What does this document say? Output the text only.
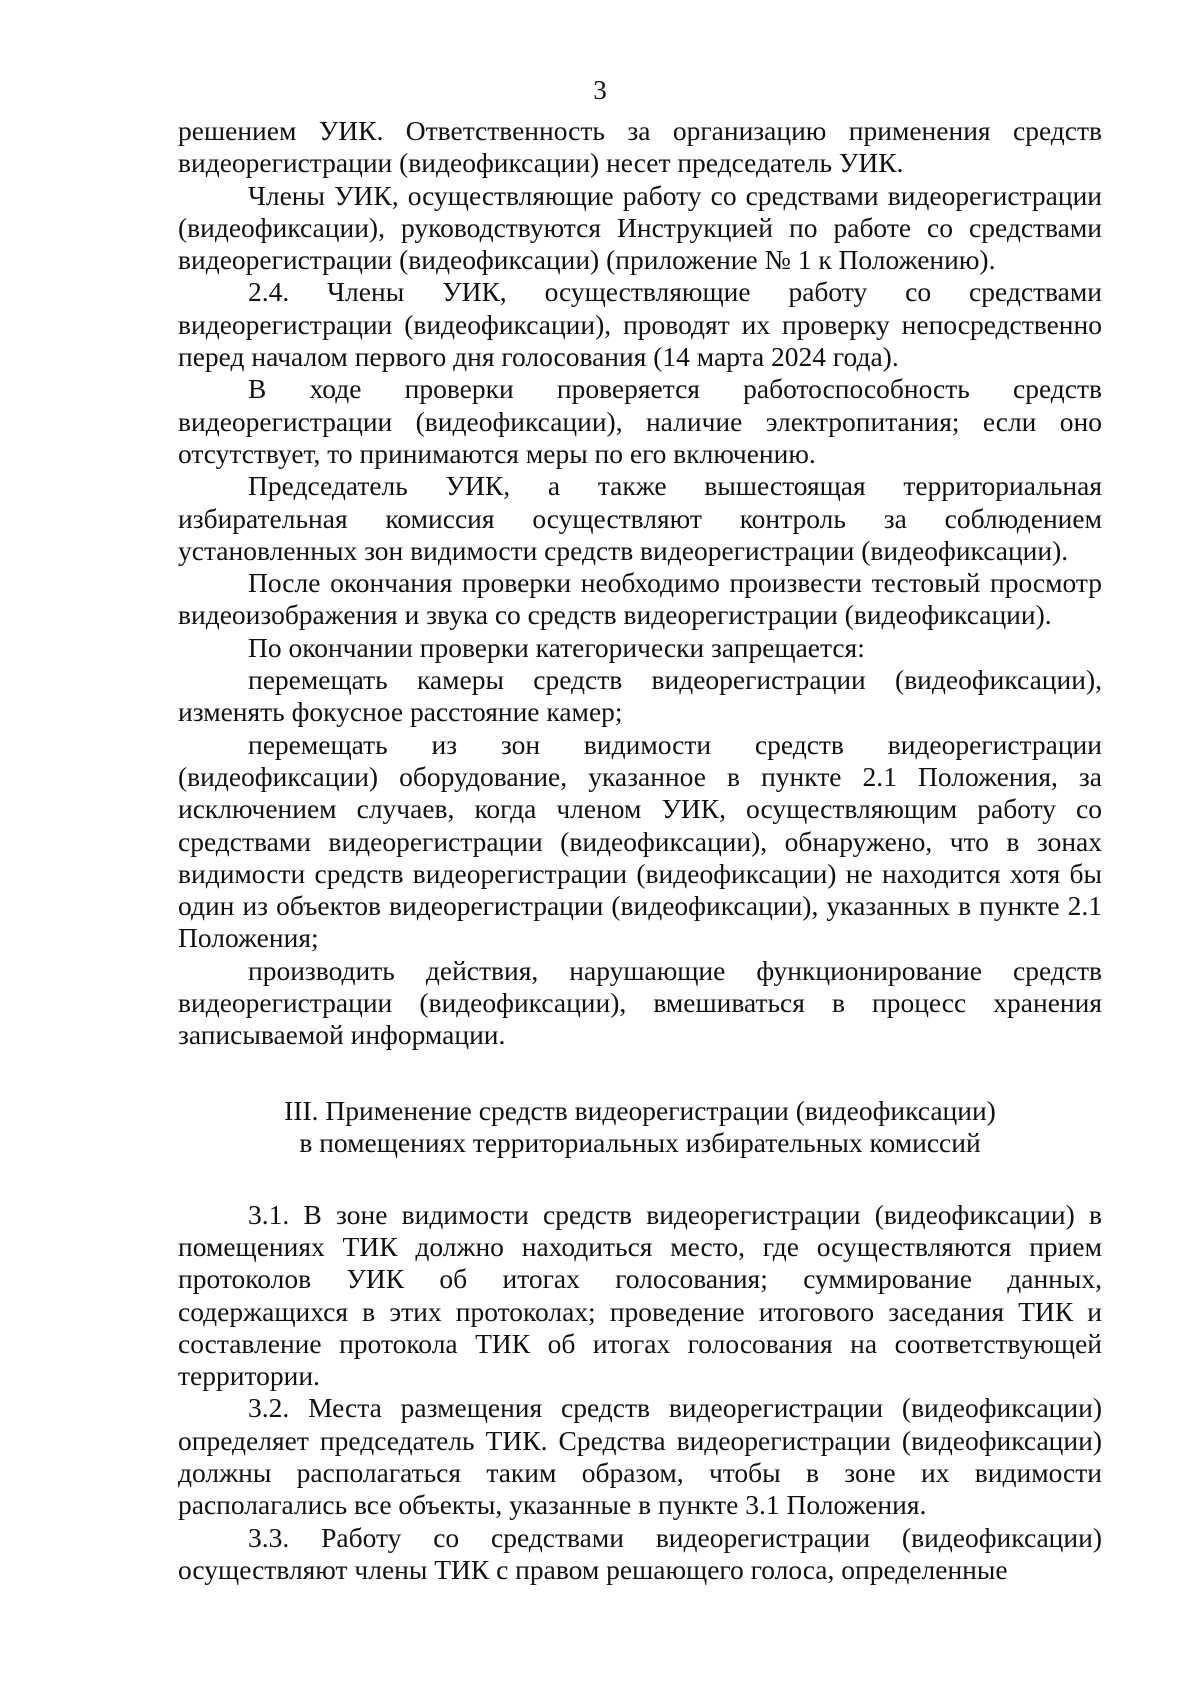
3

решением УИК. Ответственность за организацию применения средств видеорегистрации (видеофиксации) несет председатель УИК.

Члены УИК, осуществляющие работу со средствами видеорегистрации (видеофиксации), руководствуются Инструкцией по работе со средствами видеорегистрации (видеофиксации) (приложение № 1 к Положению).

2.4. Члены УИК, осуществляющие работу со средствами видеорегистрации (видеофиксации), проводят их проверку непосредственно перед началом первого дня голосования (14 марта 2024 года).

В ходе проверки проверяется работоспособность средств видеорегистрации (видеофиксации), наличие электропитания; если оно отсутствует, то принимаются меры по его включению.

Председатель УИК, а также вышестоящая территориальная избирательная комиссия осуществляют контроль за соблюдением установленных зон видимости средств видеорегистрации (видеофиксации).

После окончания проверки необходимо произвести тестовый просмотр видеоизображения и звука со средств видеорегистрации (видеофиксации).

По окончании проверки категорически запрещается:

перемещать камеры средств видеорегистрации (видеофиксации), изменять фокусное расстояние камер;

перемещать из зон видимости средств видеорегистрации (видеофиксации) оборудование, указанное в пункте 2.1 Положения, за исключением случаев, когда членом УИК, осуществляющим работу со средствами видеорегистрации (видеофиксации), обнаружено, что в зонах видимости средств видеорегистрации (видеофиксации) не находится хотя бы один из объектов видеорегистрации (видеофиксации), указанных в пункте 2.1 Положения;

производить действия, нарушающие функционирование средств видеорегистрации (видеофиксации), вмешиваться в процесс хранения записываемой информации.

III. Применение средств видеорегистрации (видеофиксации)
в помещениях территориальных избирательных комиссий

3.1. В зоне видимости средств видеорегистрации (видеофиксации) в помещениях ТИК должно находиться место, где осуществляются прием протоколов УИК об итогах голосования; суммирование данных, содержащихся в этих протоколах; проведение итогового заседания ТИК и составление протокола ТИК об итогах голосования на соответствующей территории.

3.2. Места размещения средств видеорегистрации (видеофиксации) определяет председатель ТИК. Средства видеорегистрации (видеофиксации) должны располагаться таким образом, чтобы в зоне их видимости располагались все объекты, указанные в пункте 3.1 Положения.

3.3. Работу со средствами видеорегистрации (видеофиксации) осуществляют члены ТИК с правом решающего голоса, определенные
